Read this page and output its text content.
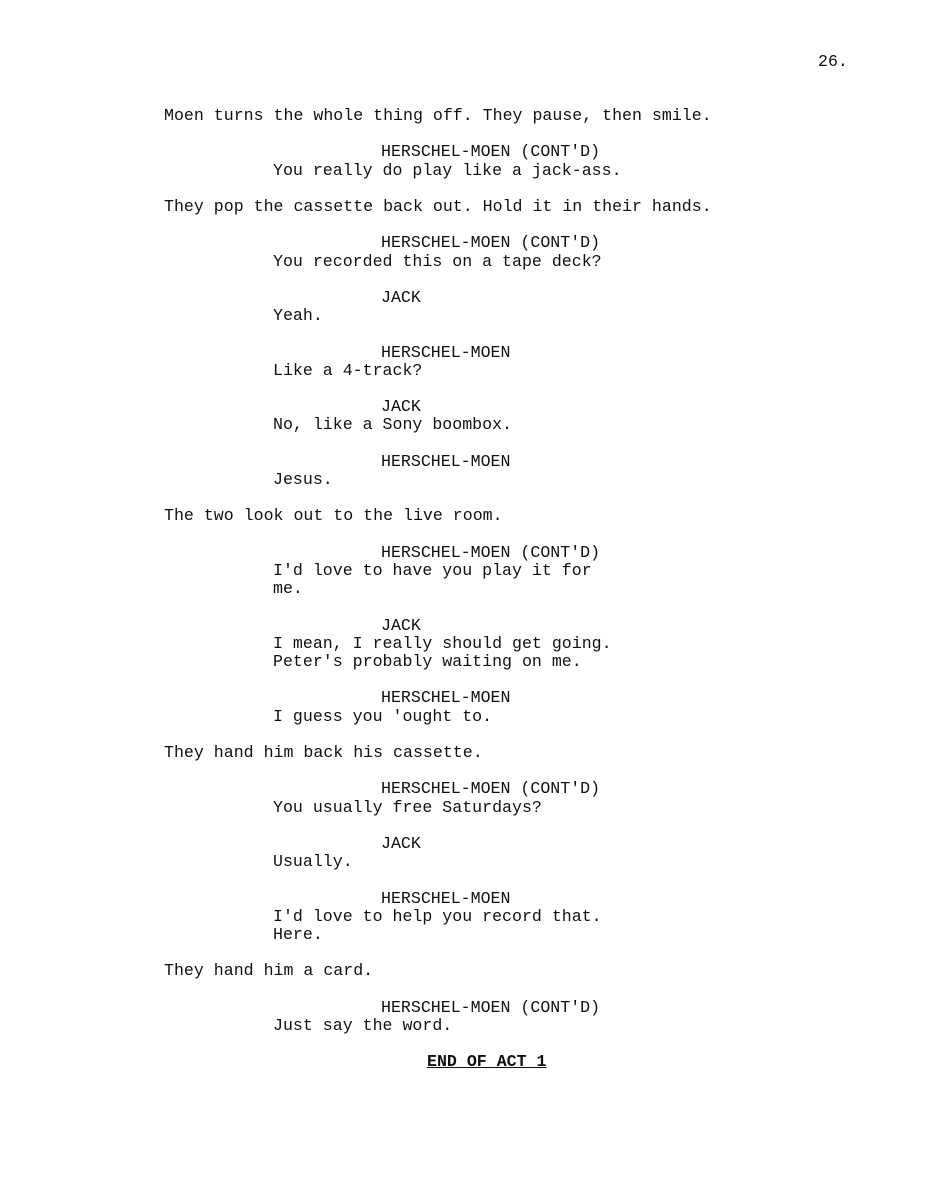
26.
Moen turns the whole thing off. They pause, then smile.
HERSCHEL-MOEN (CONT'D)
You really do play like a jack-ass.
They pop the cassette back out. Hold it in their hands.
HERSCHEL-MOEN (CONT'D)
You recorded this on a tape deck?
JACK
Yeah.
HERSCHEL-MOEN
Like a 4-track?
JACK
No, like a Sony boombox.
HERSCHEL-MOEN
Jesus.
The two look out to the live room.
HERSCHEL-MOEN (CONT'D)
I'd love to have you play it for
me.
JACK
I mean, I really should get going.
Peter's probably waiting on me.
HERSCHEL-MOEN
I guess you 'ought to.
They hand him back his cassette.
HERSCHEL-MOEN (CONT'D)
You usually free Saturdays?
JACK
Usually.
HERSCHEL-MOEN
I'd love to help you record that.
Here.
They hand him a card.
HERSCHEL-MOEN (CONT'D)
Just say the word.
END OF ACT 1
